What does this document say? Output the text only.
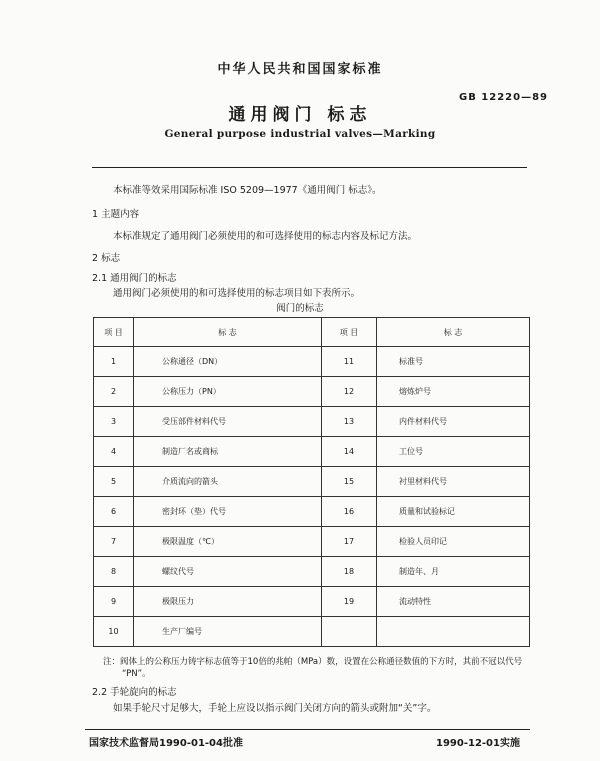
中华人民共和国国家标准
GB 12220—89
通用阀门 标志
General purpose industrial valves—Marking
本标准等效采用国际标准 ISO 5209—1977《通用阀门 标志》。
1 主题内容
本标准规定了通用阀门必须使用的和可选择使用的标志内容及标记方法。
2 标志
2.1 通用阀门的标志
通用阀门必须使用的和可选择使用的标志项目如下表所示。
阀门的标志
项 目	标 志	项 目	标 志
1	公称通径（DN）	11	标准号
2	公称压力（PN）	12	熔炼炉号
3	受压部件材料代号	13	内件材料代号
4	制造厂名或商标	14	工位号
5	介质流向的箭头	15	衬里材料代号
6	密封环（垫）代号	16	质量和试验标记
7	极限温度（℃）	17	检验人员印记
8	螺纹代号	18	制造年、月
9	极限压力	19	流动特性
10	生产厂编号		
注：阀体上的公称压力铸字标志值等于10倍的兆帕（MPa）数，设置在公称通径数值的下方时，其前不冠以代号
“PN”。
2.2 手轮旋向的标志
如果手轮尺寸足够大，手轮上应设以指示阀门关闭方向的箭头或附加“关”字。
国家技术监督局1990-01-04批准	1990-12-01实施
